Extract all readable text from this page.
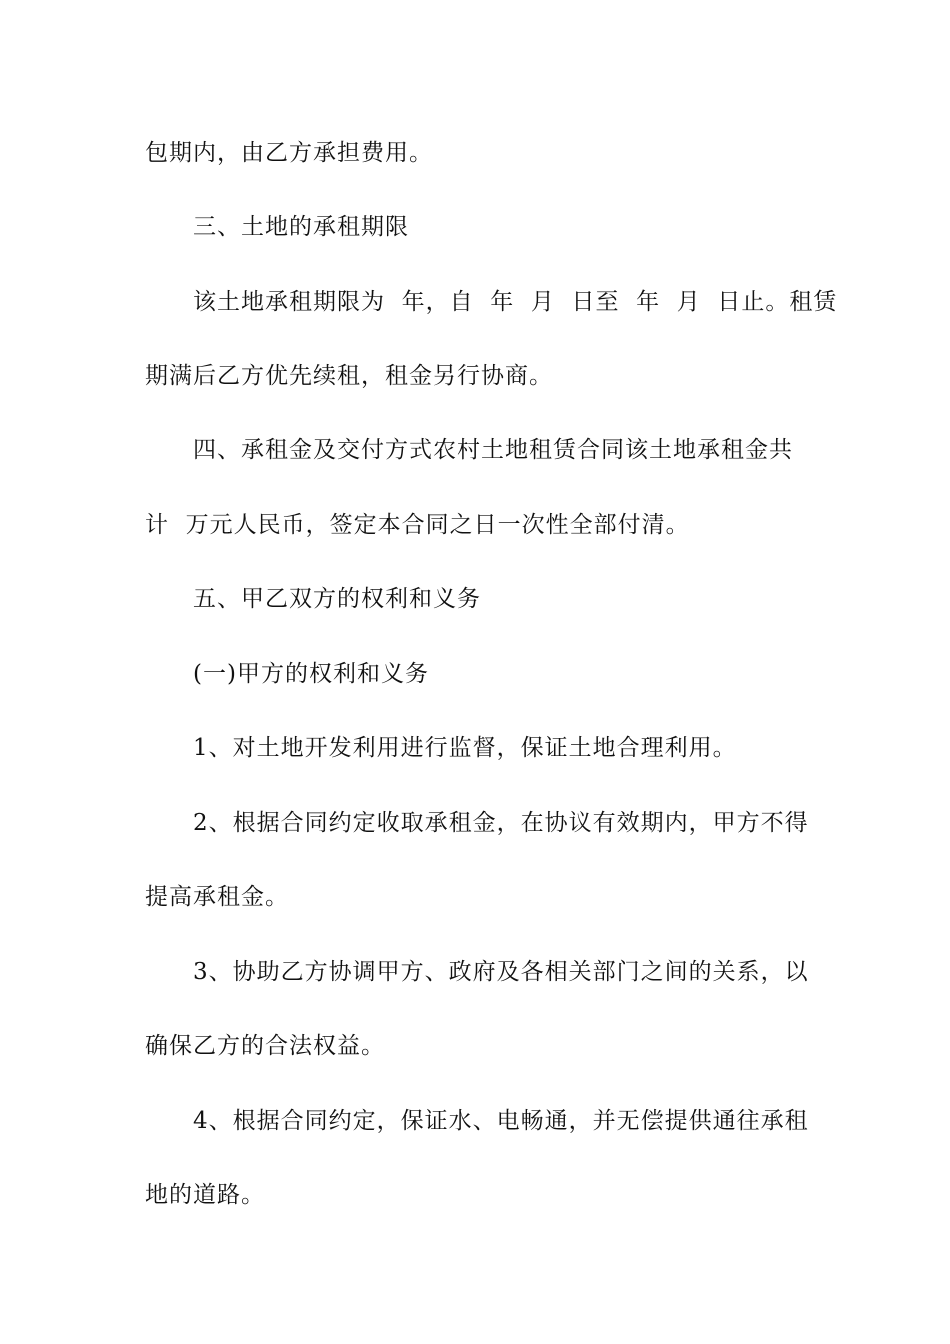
包期内，由乙方承担费用。
三、土地的承租期限
该土地承租期限为  年，自  年  月  日至  年  月  日止。租赁
期满后乙方优先续租，租金另行协商。
四、承租金及交付方式农村土地租赁合同该土地承租金共
计  万元人民币，签定本合同之日一次性全部付清。
五、甲乙双方的权利和义务
(一)甲方的权利和义务
1、对土地开发利用进行监督，保证土地合理利用。
2、根据合同约定收取承租金，在协议有效期内，甲方不得
提高承租金。
3、协助乙方协调甲方、政府及各相关部门之间的关系，以
确保乙方的合法权益。
4、根据合同约定，保证水、电畅通，并无偿提供通往承租
地的道路。
